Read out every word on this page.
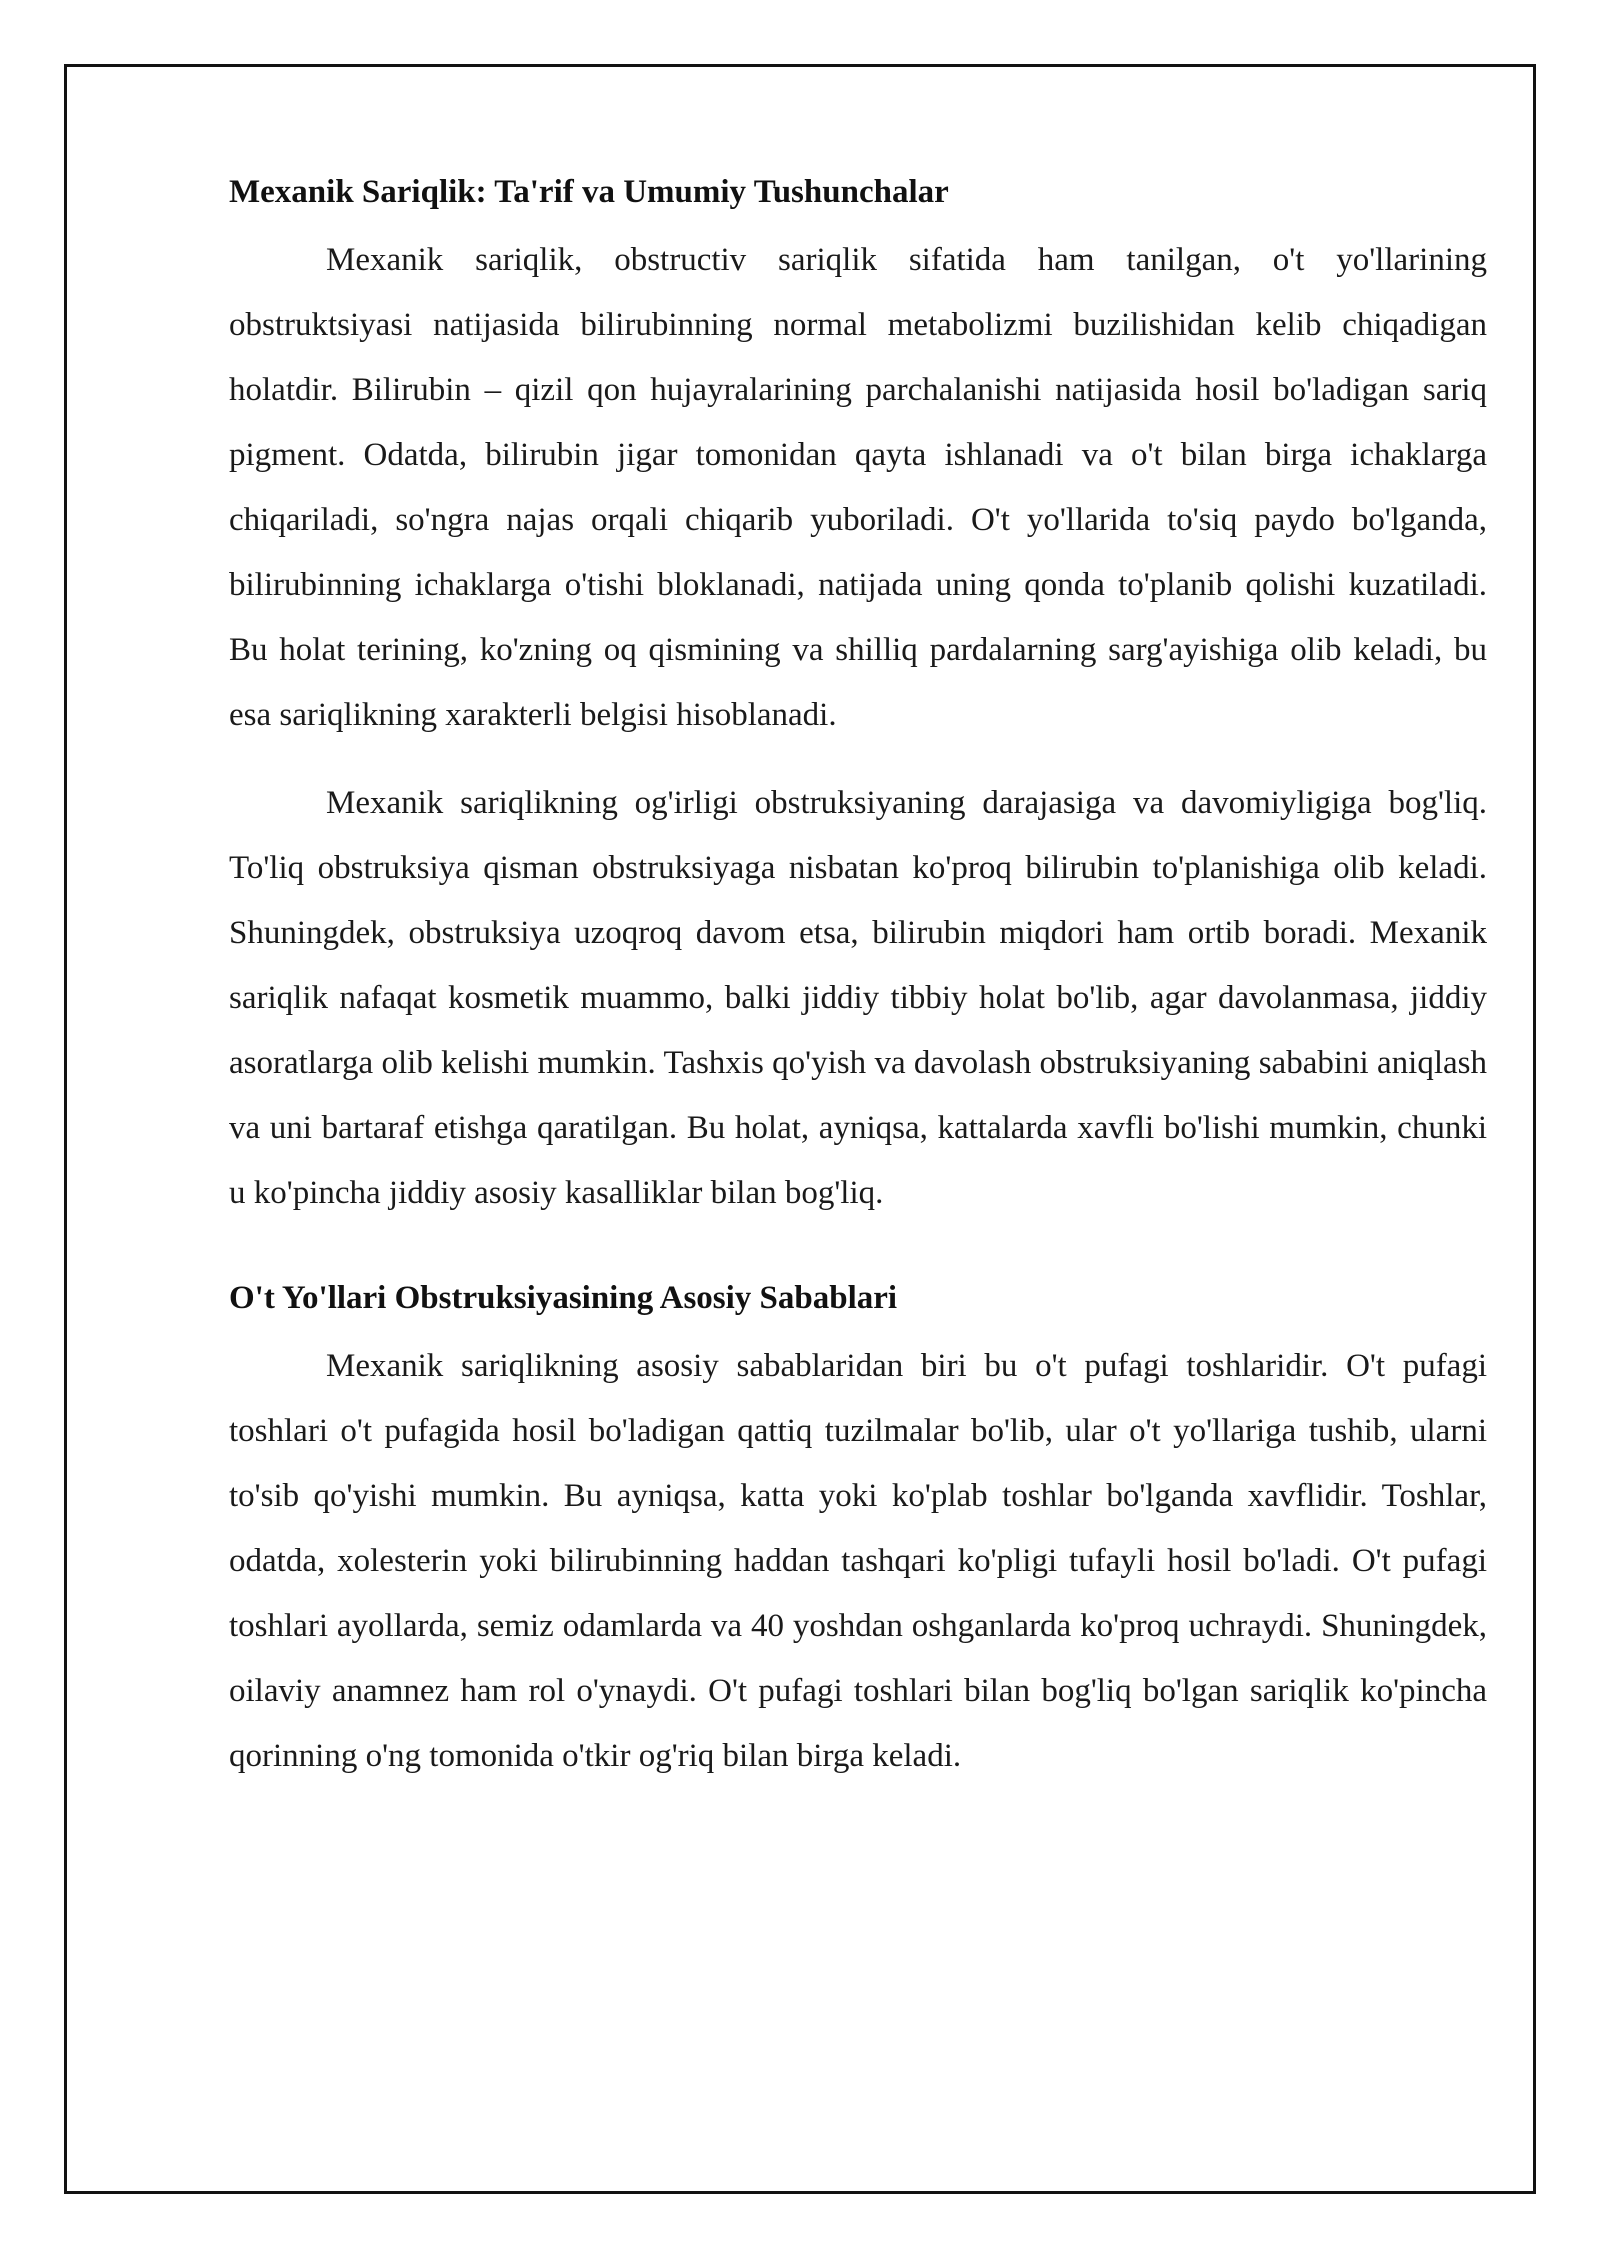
Mexanik Sariqlik: Ta'rif va Umumiy Tushunchalar

Mexanik sariqlik, obstructiv sariqlik sifatida ham tanilgan, o't yo'llarining obstruktsiyasi natijasida bilirubinning normal metabolizmi buzilishidan kelib chiqadigan holatdir. Bilirubin – qizil qon hujayralarining parchalanishi natijasida hosil bo'ladigan sariq pigment. Odatda, bilirubin jigar tomonidan qayta ishlanadi va o't bilan birga ichaklarga chiqariladi, so'ngra najas orqali chiqarib yuboriladi. O't yo'llarida to'siq paydo bo'lganda, bilirubinning ichaklarga o'tishi bloklanadi, natijada uning qonda to'planib qolishi kuzatiladi. Bu holat terining, ko'zning oq qismining va shilliq pardalarning sarg'ayishiga olib keladi, bu esa sariqlikning xarakterli belgisi hisoblanadi.

Mexanik sariqlikning og'irligi obstruksiyaning darajasiga va davomiyligiga bog'liq. To'liq obstruksiya qisman obstruksiyaga nisbatan ko'proq bilirubin to'planishiga olib keladi. Shuningdek, obstruksiya uzoqroq davom etsa, bilirubin miqdori ham ortib boradi. Mexanik sariqlik nafaqat kosmetik muammo, balki jiddiy tibbiy holat bo'lib, agar davolanmasa, jiddiy asoratlarga olib kelishi mumkin. Tashxis qo'yish va davolash obstruksiyaning sababini aniqlash va uni bartaraf etishga qaratilgan. Bu holat, ayniqsa, kattalarda xavfli bo'lishi mumkin, chunki u ko'pincha jiddiy asosiy kasalliklar bilan bog'liq.

O't Yo'llari Obstruksiyasining Asosiy Sabablari

Mexanik sariqlikning asosiy sabablaridan biri bu o't pufagi toshlaridir. O't pufagi toshlari o't pufagida hosil bo'ladigan qattiq tuzilmalar bo'lib, ular o't yo'llariga tushib, ularni to'sib qo'yishi mumkin. Bu ayniqsa, katta yoki ko'plab toshlar bo'lganda xavflidir. Toshlar, odatda, xolesterin yoki bilirubinning haddan tashqari ko'pligi tufayli hosil bo'ladi. O't pufagi toshlari ayollarda, semiz odamlarda va 40 yoshdan oshganlarda ko'proq uchraydi. Shuningdek, oilaviy anamnez ham rol o'ynaydi. O't pufagi toshlari bilan bog'liq bo'lgan sariqlik ko'pincha qorinning o'ng tomonida o'tkir og'riq bilan birga keladi.
